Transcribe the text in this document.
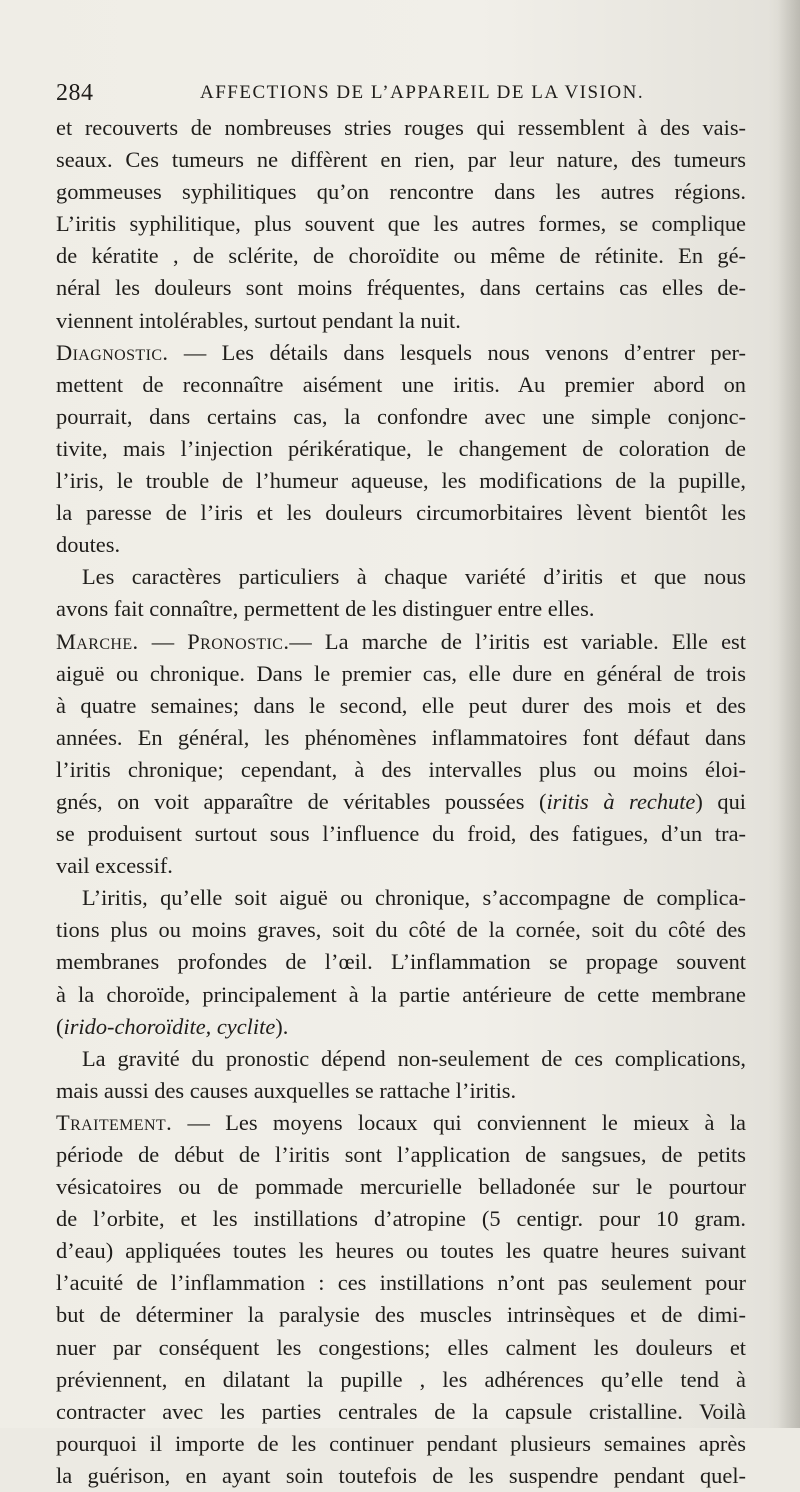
284	AFFECTIONS DE L’APPAREIL DE LA VISION.
et recouverts de nombreuses stries rouges qui ressemblent à des vais-
seaux. Ces tumeurs ne diffèrent en rien, par leur nature, des tumeurs
gommeuses syphilitiques qu’on rencontre dans les autres régions.
L’iritis syphilitique, plus souvent que les autres formes, se complique
de kératite , de sclérite, de choroïdite ou même de rétinite. En gé-
néral les douleurs sont moins fréquentes, dans certains cas elles de-
viennent intolérables, surtout pendant la nuit.
Diagnostic. — Les détails dans lesquels nous venons d’entrer per-
mettent de reconnaître aisément une iritis. Au premier abord on
pourrait, dans certains cas, la confondre avec une simple conjonc-
tivite, mais l’injection périkératique, le changement de coloration de
l’iris, le trouble de l’humeur aqueuse, les modifications de la pupille,
la paresse de l’iris et les douleurs circumorbitaires lèvent bientôt les
doutes.
Les caractères particuliers à chaque variété d’iritis et que nous
avons fait connaître, permettent de les distinguer entre elles.
Marche. — Pronostic.— La marche de l’iritis est variable. Elle est
aiguë ou chronique. Dans le premier cas, elle dure en général de trois
à quatre semaines; dans le second, elle peut durer des mois et des
années. En général, les phénomènes inflammatoires font défaut dans
l’iritis chronique; cependant, à des intervalles plus ou moins éloi-
gnés, on voit apparaître de véritables poussées (iritis à rechute) qui
se produisent surtout sous l’influence du froid, des fatigues, d’un tra-
vail excessif.
L’iritis, qu’elle soit aiguë ou chronique, s’accompagne de complica-
tions plus ou moins graves, soit du côté de la cornée, soit du côté des
membranes profondes de l’œil. L’inflammation se propage souvent
à la choroïde, principalement à la partie antérieure de cette membrane
(irido-choroïdite, cyclite).
La gravité du pronostic dépend non-seulement de ces complications,
mais aussi des causes auxquelles se rattache l’iritis.
Traitement. — Les moyens locaux qui conviennent le mieux à la
période de début de l’iritis sont l’application de sangsues, de petits
vésicatoires ou de pommade mercurielle belladonée sur le pourtour
de l’orbite, et les instillations d’atropine (5 centigr. pour 10 gram.
d’eau) appliquées toutes les heures ou toutes les quatre heures suivant
l’acuité de l’inflammation : ces instillations n’ont pas seulement pour
but de déterminer la paralysie des muscles intrinsèques et de dimi-
nuer par conséquent les congestions; elles calment les douleurs et
préviennent, en dilatant la pupille , les adhérences qu’elle tend à
contracter avec les parties centrales de la capsule cristalline. Voilà
pourquoi il importe de les continuer pendant plusieurs semaines après
la guérison, en ayant soin toutefois de les suspendre pendant quel-
